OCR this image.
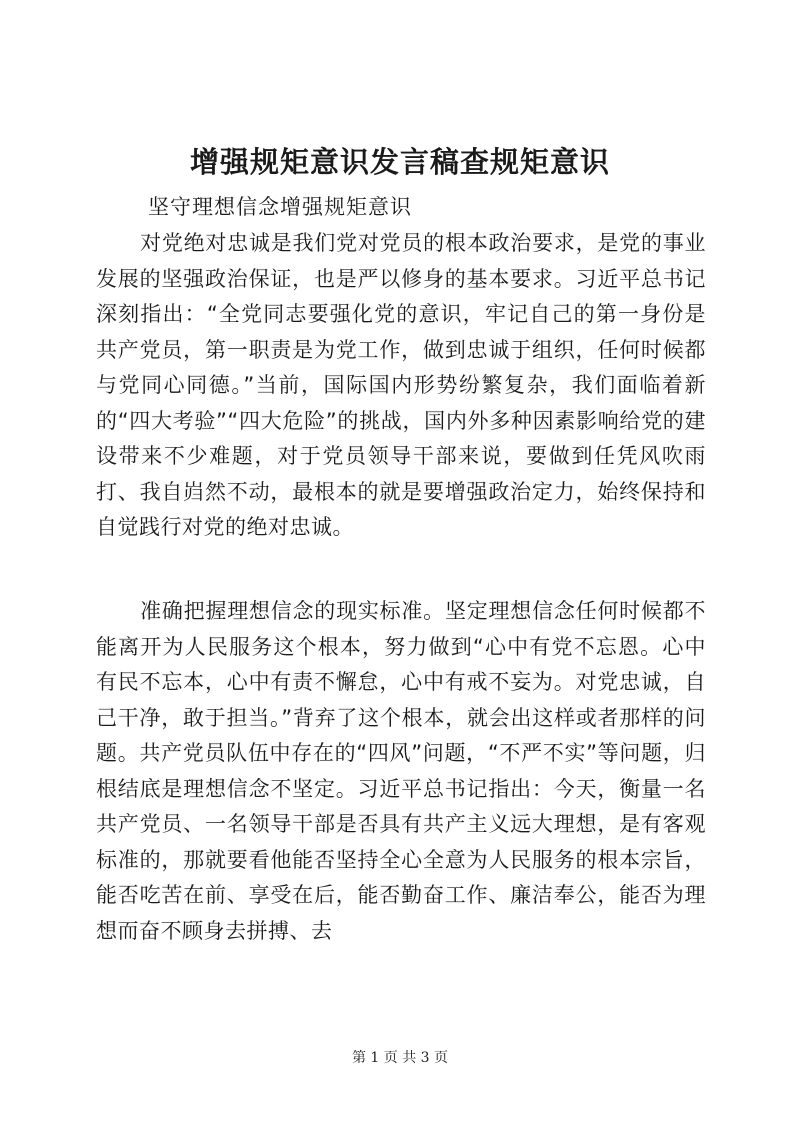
增强规矩意识发言稿查规矩意识

坚守理想信念增强规矩意识

对党绝对忠诚是我们党对党员的根本政治要求，是党的事业发展的坚强政治保证，也是严以修身的基本要求。习近平总书记深刻指出：“全党同志要强化党的意识，牢记自己的第一身份是共产党员，第一职责是为党工作，做到忠诚于组织，任何时候都与党同心同德。”当前，国际国内形势纷繁复杂，我们面临着新的“四大考验”“四大危险”的挑战，国内外多种因素影响给党的建设带来不少难题，对于党员领导干部来说，要做到任凭风吹雨打、我自岿然不动，最根本的就是要增强政治定力，始终保持和自觉践行对党的绝对忠诚。

准确把握理想信念的现实标准。坚定理想信念任何时候都不能离开为人民服务这个根本，努力做到“心中有党不忘恩。心中有民不忘本，心中有责不懈怠，心中有戒不妄为。对党忠诚，自己干净，敢于担当。”背弃了这个根本，就会出这样或者那样的问题。共产党员队伍中存在的“四风”问题，“不严不实”等问题，归根结底是理想信念不坚定。习近平总书记指出：今天，衡量一名共产党员、一名领导干部是否具有共产主义远大理想，是有客观标准的，那就要看他能否坚持全心全意为人民服务的根本宗旨，能否吃苦在前、享受在后，能否勤奋工作、廉洁奉公，能否为理想而奋不顾身去拼搏、去

第 1 页 共 3 页
